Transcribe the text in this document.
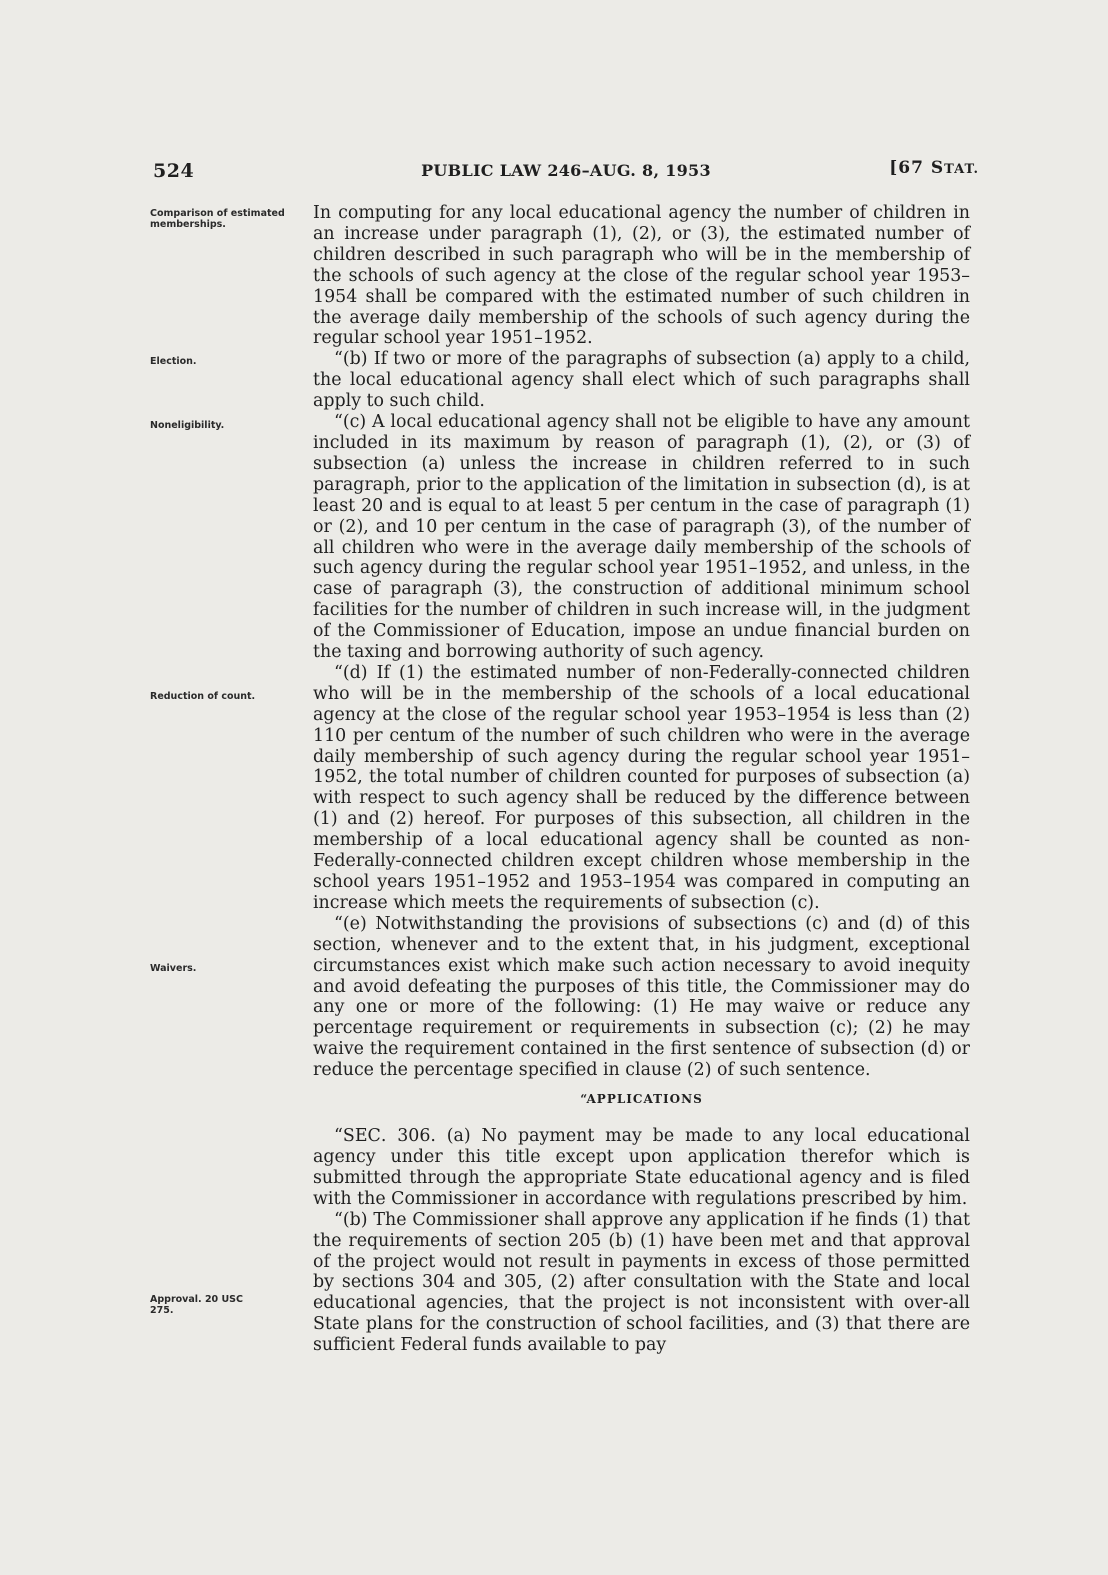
524	PUBLIC LAW 246–AUG. 8, 1953	[67 STAT.
Comparison of estimated memberships.
Election.
Noneligibility.
Reduction of count.
Waivers.
Approval. 20 USC 275.

In computing for any local educational agency the number of children in an increase under paragraph (1), (2), or (3), the estimated number of children described in such paragraph who will be in the membership of the schools of such agency at the close of the regular school year 1953–1954 shall be compared with the estimated number of such children in the average daily membership of the schools of such agency during the regular school year 1951–1952.

“(b) If two or more of the paragraphs of subsection (a) apply to a child, the local educational agency shall elect which of such paragraphs shall apply to such child.

“(c) A local educational agency shall not be eligible to have any amount included in its maximum by reason of paragraph (1), (2), or (3) of subsection (a) unless the increase in children referred to in such paragraph, prior to the application of the limitation in subsection (d), is at least 20 and is equal to at least 5 per centum in the case of paragraph (1) or (2), and 10 per centum in the case of paragraph (3), of the number of all children who were in the average daily membership of the schools of such agency during the regular school year 1951–1952, and unless, in the case of paragraph (3), the construction of additional minimum school facilities for the number of children in such increase will, in the judgment of the Commissioner of Education, impose an undue financial burden on the taxing and borrowing authority of such agency.

“(d) If (1) the estimated number of non-Federally-connected children who will be in the membership of the schools of a local educational agency at the close of the regular school year 1953–1954 is less than (2) 110 per centum of the number of such children who were in the average daily membership of such agency during the regular school year 1951–1952, the total number of children counted for purposes of subsection (a) with respect to such agency shall be reduced by the difference between (1) and (2) hereof. For purposes of this subsection, all children in the membership of a local educational agency shall be counted as non-Federally-connected children except children whose membership in the school years 1951–1952 and 1953–1954 was compared in computing an increase which meets the requirements of subsection (c).

“(e) Notwithstanding the provisions of subsections (c) and (d) of this section, whenever and to the extent that, in his judgment, exceptional circumstances exist which make such action necessary to avoid inequity and avoid defeating the purposes of this title, the Commissioner may do any one or more of the following: (1) He may waive or reduce any percentage requirement or requirements in subsection (c); (2) he may waive the requirement contained in the first sentence of subsection (d) or reduce the percentage specified in clause (2) of such sentence.

“APPLICATIONS

“SEC. 306. (a) No payment may be made to any local educational agency under this title except upon application therefor which is submitted through the appropriate State educational agency and is filed with the Commissioner in accordance with regulations prescribed by him.

“(b) The Commissioner shall approve any application if he finds (1) that the requirements of section 205 (b) (1) have been met and that approval of the project would not result in payments in excess of those permitted by sections 304 and 305, (2) after consultation with the State and local educational agencies, that the project is not inconsistent with over-all State plans for the construction of school facilities, and (3) that there are sufficient Federal funds available to pay
